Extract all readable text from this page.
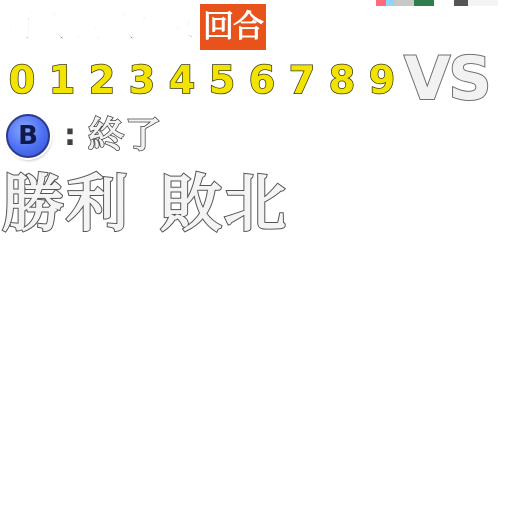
再戰 對戰結束 回合
0 1 2 3 4 5 6 7 8 9 VS
B : 終了
勝利 敗北
